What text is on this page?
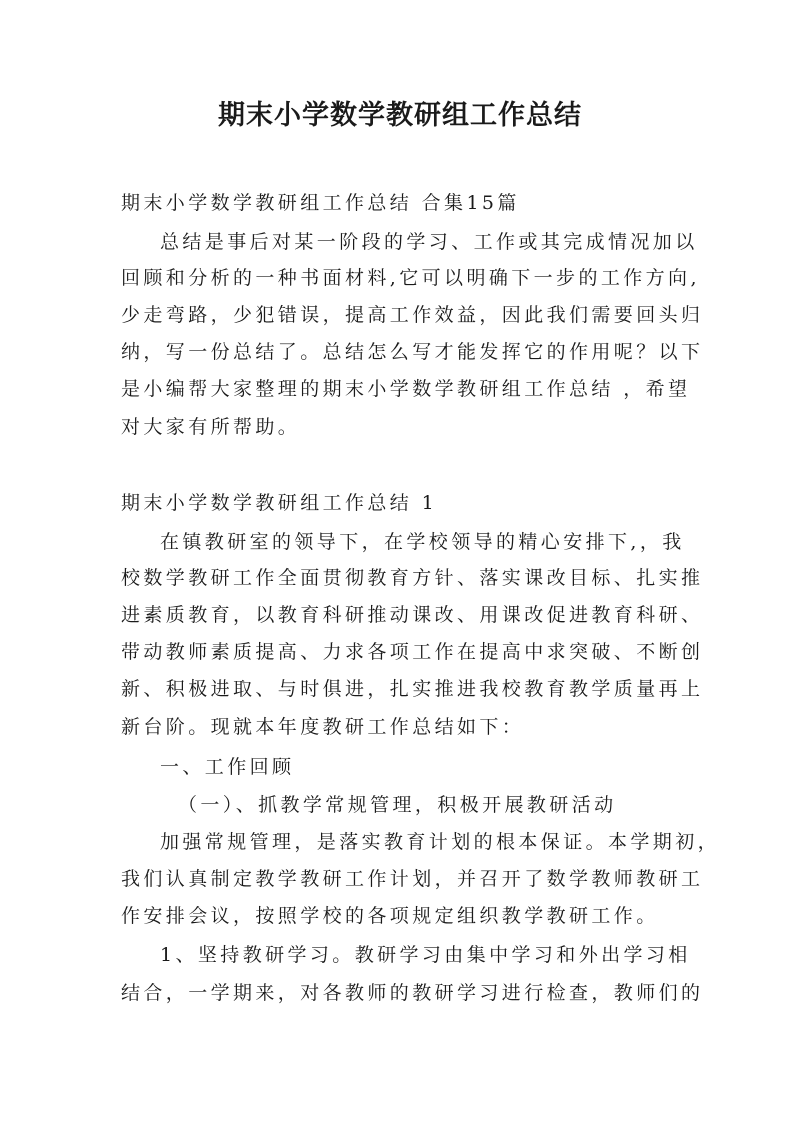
期末小学数学教研组工作总结

期末小学数学教研组工作总结 合集15篇

总结是事后对某一阶段的学习、工作或其完成情况加以

回顾和分析的一种书面材料,它可以明确下一步的工作方向,

少走弯路，少犯错误，提高工作效益，因此我们需要回头归

纳，写一份总结了。总结怎么写才能发挥它的作用呢？以下

是小编帮大家整理的期末小学数学教研组工作总结 ，希望

对大家有所帮助。

期末小学数学教研组工作总结 1

在镇教研室的领导下，在学校领导的精心安排下,，我

校数学教研工作全面贯彻教育方针、落实课改目标、扎实推

进素质教育，以教育科研推动课改、用课改促进教育科研、

带动教师素质提高、力求各项工作在提高中求突破、不断创

新、积极进取、与时俱进，扎实推进我校教育教学质量再上

新台阶。现就本年度教研工作总结如下：

一、工作回顾

（一）、抓教学常规管理，积极开展教研活动

加强常规管理，是落实教育计划的根本保证。本学期初，

我们认真制定教学教研工作计划，并召开了数学教师教研工

作安排会议，按照学校的各项规定组织教学教研工作。

1、坚持教研学习。教研学习由集中学习和外出学习相

结合，一学期来，对各教师的教研学习进行检查，教师们的
